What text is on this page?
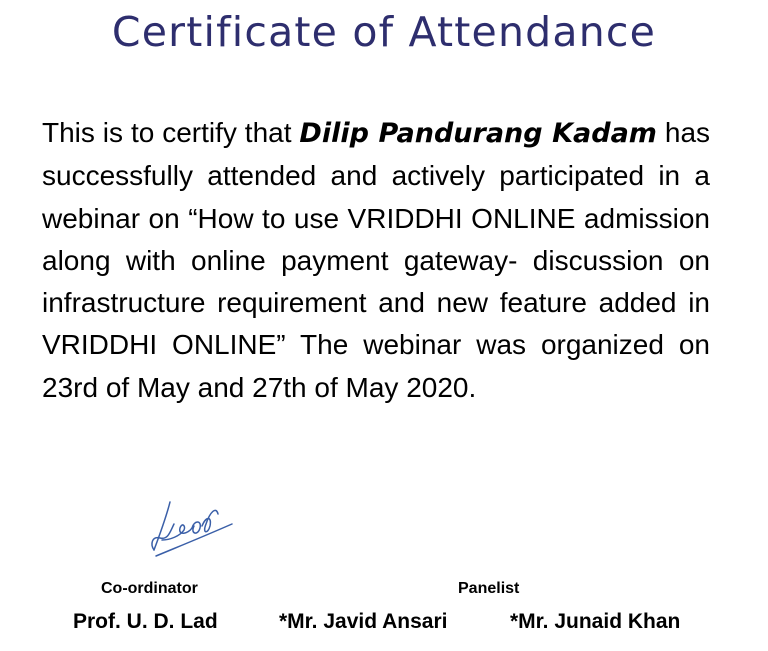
Certificate of Attendance
This is to certify that Dilip Pandurang Kadam has successfully attended and actively participated in a webinar on “How to use VRIDDHI ONLINE admission along with online payment gateway- discussion on infrastructure requirement and new feature added in VRIDDHI ONLINE” The webinar was organized on 23rd of May and 27th of May 2020.
Co-ordinator	Panelist
Prof. U. D. Lad	*Mr. Javid Ansari	*Mr. Junaid Khan
